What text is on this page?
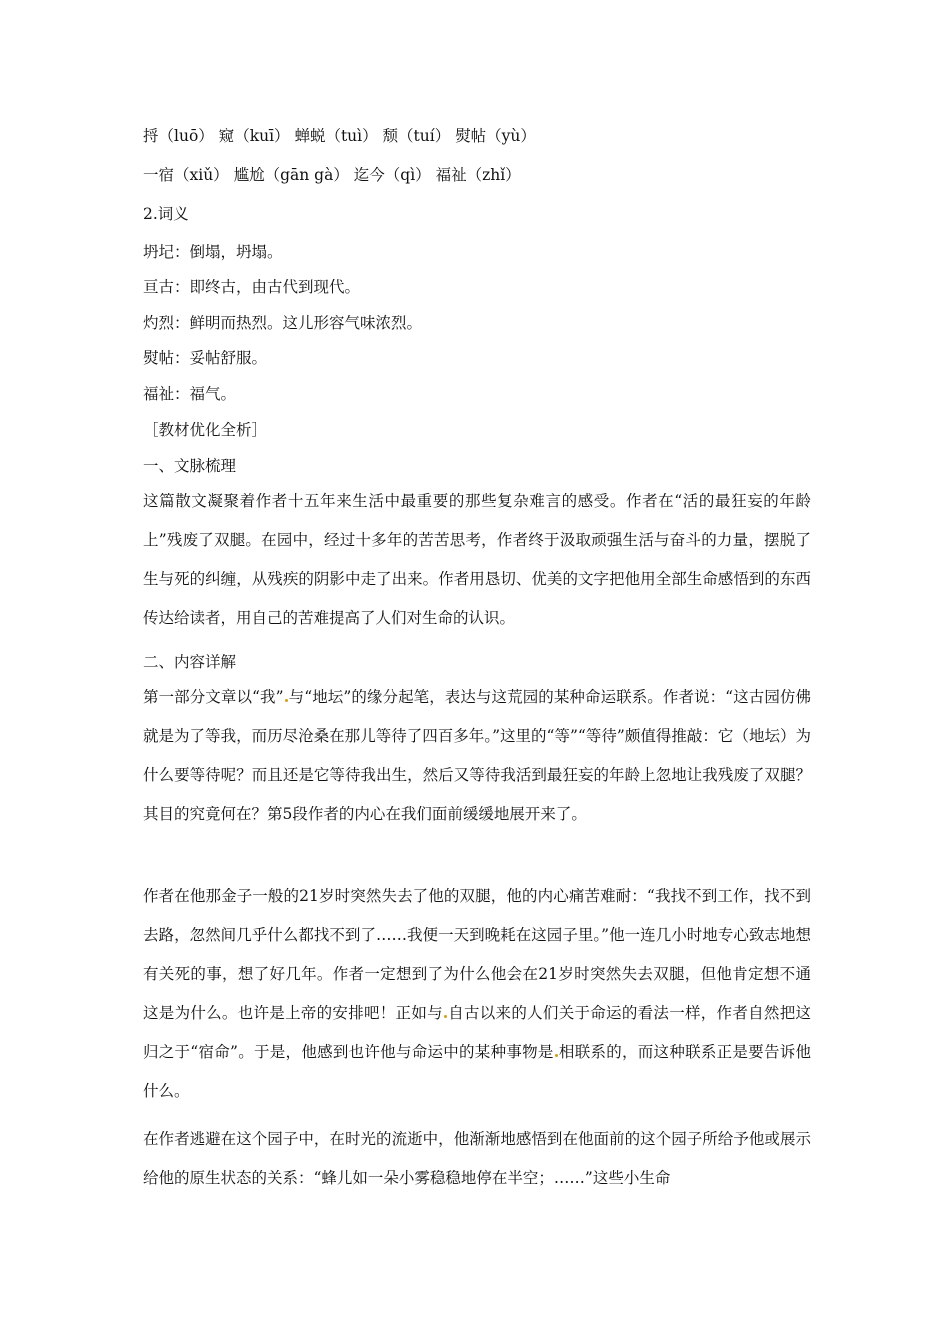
捋（luō） 窥（kuī） 蝉蜕（tuì） 颓（tuí） 熨帖（yù）
一宿（xiǔ） 尴尬（gān gà） 迄今（qì） 福祉（zhǐ）
2.词义
坍圮：倒塌，坍塌。
亘古：即终古，由古代到现代。
灼烈：鲜明而热烈。这儿形容气味浓烈。
熨帖：妥帖舒服。
福祉：福气。
［教材优化全析］
一、文脉梳理
这篇散文凝聚着作者十五年来生活中最重要的那些复杂难言的感受。作者在“活的最狂妄的年龄上”残废了双腿。在园中，经过十多年的苦苦思考，作者终于汲取顽强生活与奋斗的力量，摆脱了生与死的纠缠，从残疾的阴影中走了出来。作者用恳切、优美的文字把他用全部生命感悟到的东西传达给读者，用自己的苦难提高了人们对生命的认识。
二、内容详解
第一部分文章以“我” 与“地坛”的缘分起笔，表达与这荒园的某种命运联系。作者说：“这古园仿佛就是为了等我，而历尽沧桑在那儿等待了四百多年。”这里的“等”“等待”颇值得推敲：它（地坛）为什么要等待呢？而且还是它等待我出生，然后又等待我活到最狂妄的年龄上忽地让我残废了双腿？其目的究竟何在？第5段作者的内心在我们面前缓缓地展开来了。
作者在他那金子一般的21岁时突然失去了他的双腿，他的内心痛苦难耐：“我找不到工作，找不到去路，忽然间几乎什么都找不到了……我便一天到晚耗在这园子里。”他一连几小时地专心致志地想有关死的事，想了好几年。作者一定想到了为什么他会在21岁时突然失去双腿，但他肯定想不通这是为什么。也许是上帝的安排吧！正如与 自古以来的人们关于命运的看法一样，作者自然把这归之于“宿命”。于是，他感到也许他与命运中的某种事物是 相联系的，而这种联系正是要告诉他什么。
在作者逃避在这个园子中，在时光的流逝中，他渐渐地感悟到在他面前的这个园子所给予他或展示给他的原生状态的关系：“蜂儿如一朵小雾稳稳地停在半空；……”这些小生命
